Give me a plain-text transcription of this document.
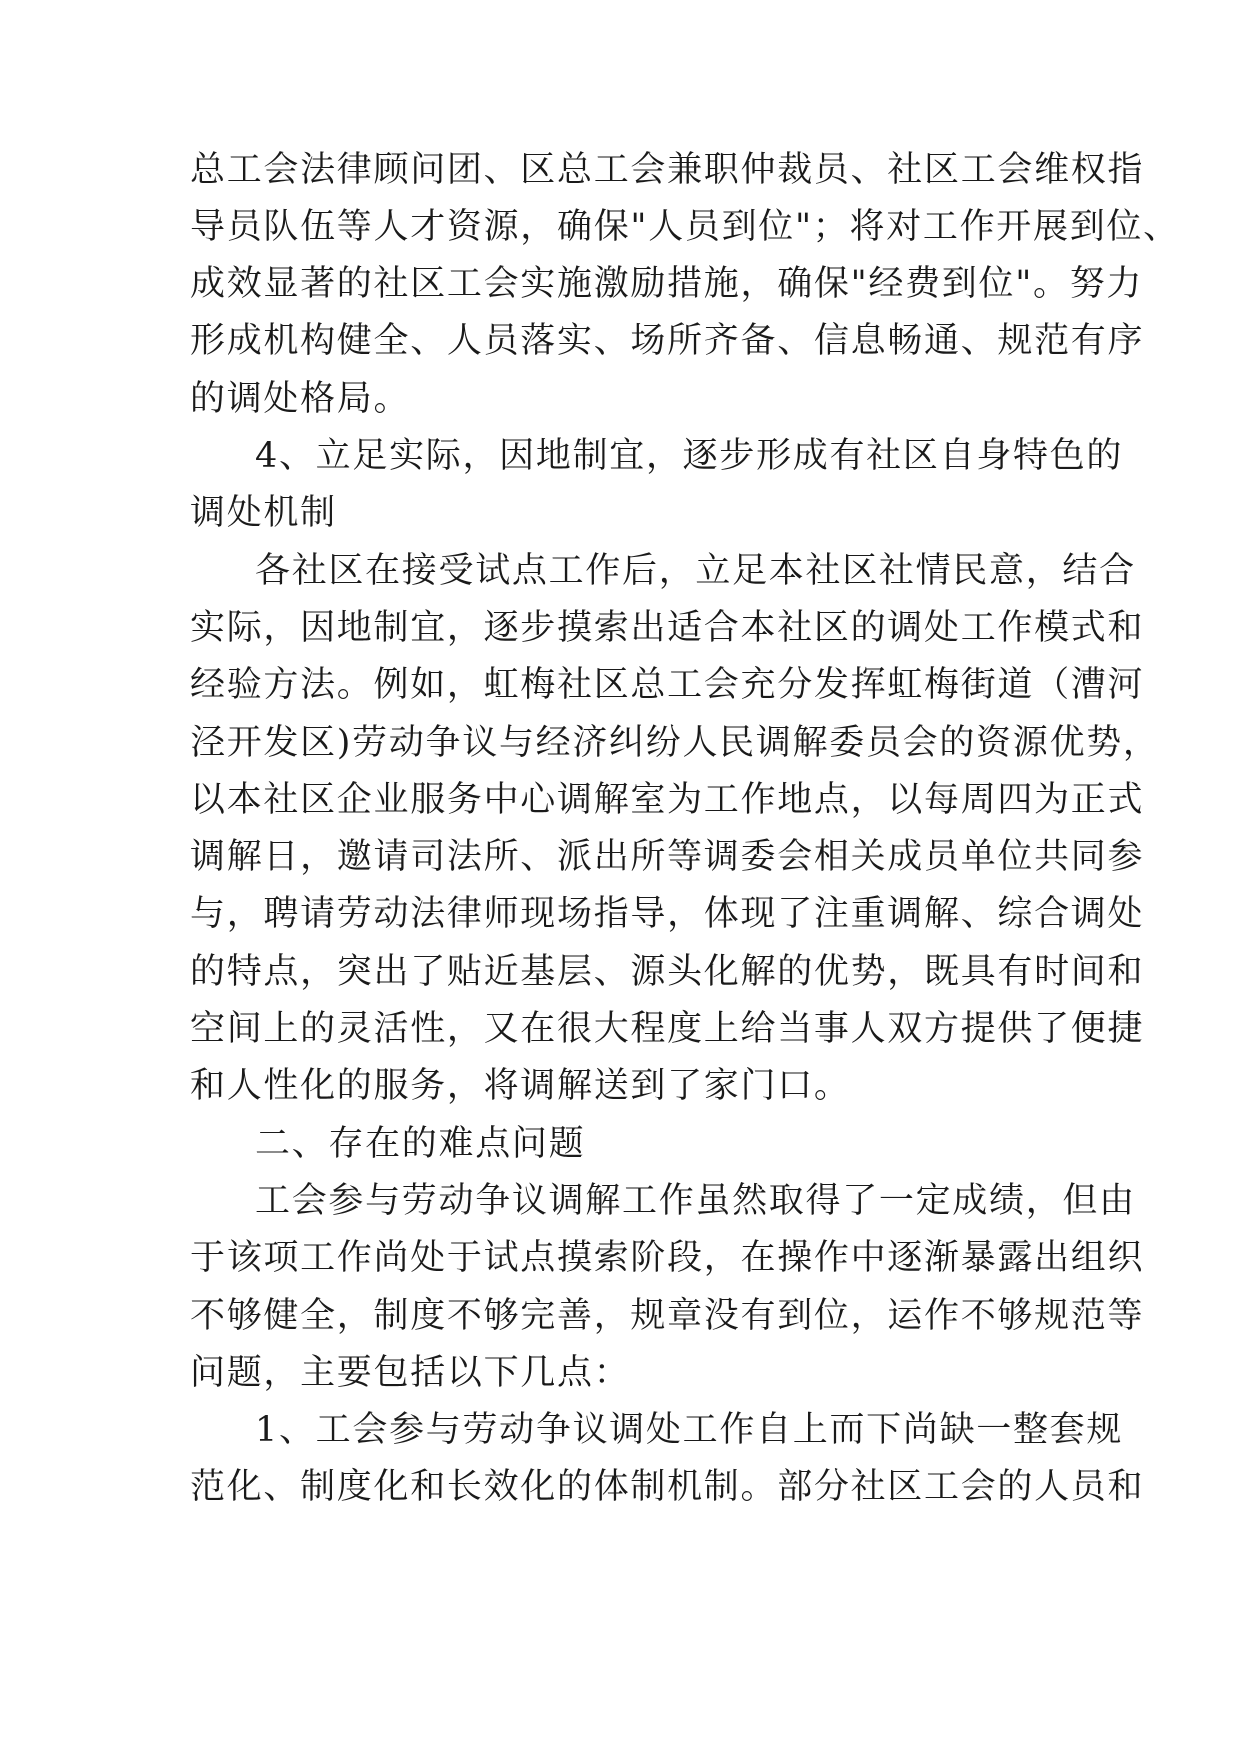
总工会法律顾问团、区总工会兼职仲裁员、社区工会维权指
导员队伍等人才资源，确保"人员到位"；将对工作开展到位、
成效显著的社区工会实施激励措施，确保"经费到位"。努力
形成机构健全、人员落实、场所齐备、信息畅通、规范有序
的调处格局。
4、立足实际，因地制宜，逐步形成有社区自身特色的
调处机制
各社区在接受试点工作后，立足本社区社情民意，结合
实际，因地制宜，逐步摸索出适合本社区的调处工作模式和
经验方法。例如，虹梅社区总工会充分发挥虹梅街道（漕河
泾开发区)劳动争议与经济纠纷人民调解委员会的资源优势，
以本社区企业服务中心调解室为工作地点，以每周四为正式
调解日，邀请司法所、派出所等调委会相关成员单位共同参
与，聘请劳动法律师现场指导，体现了注重调解、综合调处
的特点，突出了贴近基层、源头化解的优势，既具有时间和
空间上的灵活性，又在很大程度上给当事人双方提供了便捷
和人性化的服务，将调解送到了家门口。
二、存在的难点问题
工会参与劳动争议调解工作虽然取得了一定成绩，但由
于该项工作尚处于试点摸索阶段，在操作中逐渐暴露出组织
不够健全，制度不够完善，规章没有到位，运作不够规范等
问题，主要包括以下几点：
1、工会参与劳动争议调处工作自上而下尚缺一整套规
范化、制度化和长效化的体制机制。部分社区工会的人员和
